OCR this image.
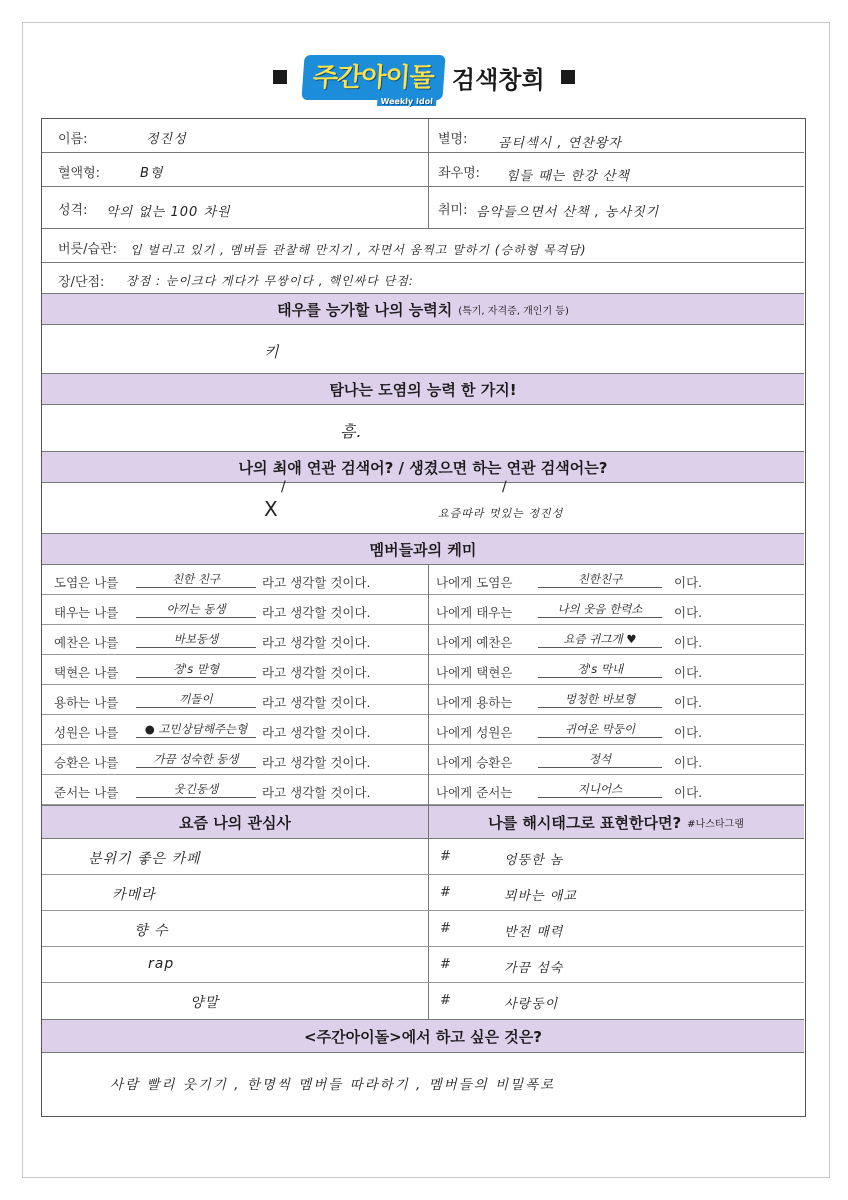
주간아이돌
Weekly Idol
검색창희
이름:	정진성	별명: 곰티섹시 , 연찬왕자
혈액형:	B형	좌우명: 힘들 때는 한강 산책
성격: 악의 없는 100 차원	취미: 음악들으면서 산책 , 농사짓기
버릇/습관: 입 벌리고 있기 , 멤버들 관찰해 만지기 , 자면서 움찍고 말하기 (승하형 목격담)
장/단점: 장점 : 눈이크다 게다가 무쌍이다 , 핵인싸다 단점:
태우를 능가할 나의 능력치 (특기, 자격증, 개인기 등)
키
탐나는 도염의 능력 한 가지!
흠.
나의 최애 연관 검색어? / 생겼으면 하는 연관 검색어는?
/	/
X	요즘따라 멋있는 정진성
멤버들과의 케미
도염은 나를	친한 친구	라고 생각할 것이다.	나에게 도염은	친한친구	이다.
태우는 나를	아끼는 동생	라고 생각할 것이다.	나에게 태우는	나의 웃음 한력소	이다.
예찬은 나를	바보동생	라고 생각할 것이다.	나에게 예찬은	요즘 귀그개 ♥	이다.
택현은 나를	정's 맏형	라고 생각할 것이다.	나에게 택현은	정's 막내	이다.
용하는 나를	끼돌이	라고 생각할 것이다.	나에게 용하는	멍청한 바보형	이다.
성원은 나를	● 고민상담해주는형	라고 생각할 것이다.	나에게 성원은	귀여운 막둥이	이다.
승환은 나를	가끔 성숙한 동생	라고 생각할 것이다.	나에게 승환은	정석	이다.
준서는 나를	웃긴동생	라고 생각할 것이다.	나에게 준서는	지니어스	이다.
요즘 나의 관심사	나를 해시태그로 표현한다면? #나스타그램
분위기 좋은 카페	#	엉뚱한 놈
카메라	#	뫼바는 애교
향 수	#	반전 매력
rap	#	가끔 섬숙
양말	#	사랑둥이
<주간아이돌>에서 하고 싶은 것은?
사람 빨리 웃기기 , 한명씩 멤버들 따라하기 , 멤버들의 비밀폭로
